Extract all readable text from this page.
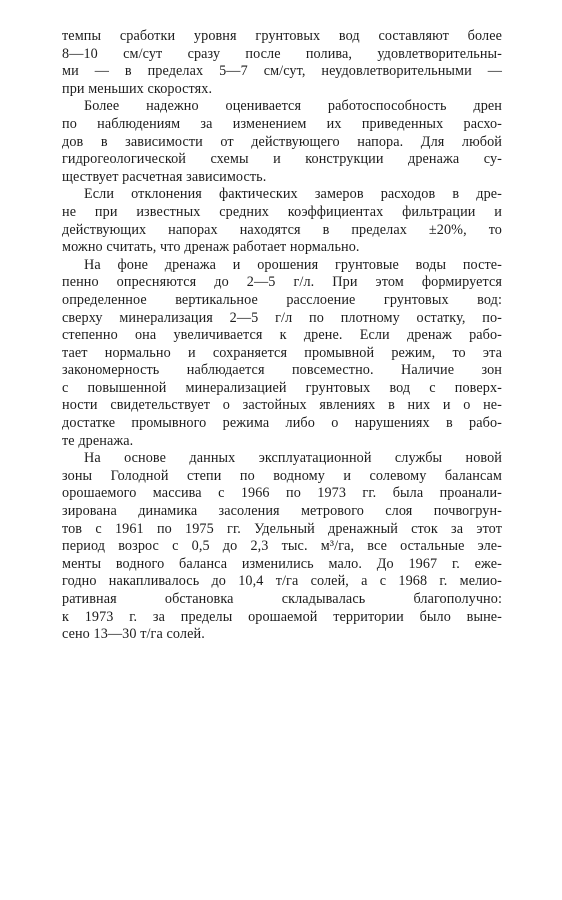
темпы сработки уровня грунтовых вод составляют более
8—10 см/сут сразу после полива, удовлетворительны-
ми — в пределах 5—7 см/сут, неудовлетворительными —
при меньших скоростях.

Более надежно оценивается работоспособность дрен
по наблюдениям за изменением их приведенных расхо-
дов в зависимости от действующего напора. Для любой
гидрогеологической схемы и конструкции дренажа су-
ществует расчетная зависимость.

Если отклонения фактических замеров расходов в дре-
не при известных средних коэффициентах фильтрации и
действующих напорах находятся в пределах ±20%, то
можно считать, что дренаж работает нормально.

На фоне дренажа и орошения грунтовые воды посте-
пенно опресняются до 2—5 г/л. При этом формируется
определенное вертикальное расслоение грунтовых вод:
сверху минерализация 2—5 г/л по плотному остатку, по-
степенно она увеличивается к дрене. Если дренаж рабо-
тает нормально и сохраняется промывной режим, то эта
закономерность наблюдается повсеместно. Наличие зон
с повышенной минерализацией грунтовых вод с поверх-
ности свидетельствует о застойных явлениях в них и о не-
достатке промывного режима либо о нарушениях в рабо-
те дренажа.

На основе данных эксплуатационной службы новой
зоны Голодной степи по водному и солевому балансам
орошаемого массива с 1966 по 1973 гг. была проанали-
зирована динамика засоления метрового слоя почвогрун-
тов с 1961 по 1975 гг. Удельный дренажный сток за этот
период возрос с 0,5 до 2,3 тыс. м³/га, все остальные эле-
менты водного баланса изменились мало. До 1967 г. еже-
годно накапливалось до 10,4 т/га солей, а с 1968 г. мелио-
ративная обстановка складывалась благополучно:
к 1973 г. за пределы орошаемой территории было выне-
сено 13—30 т/га солей.
